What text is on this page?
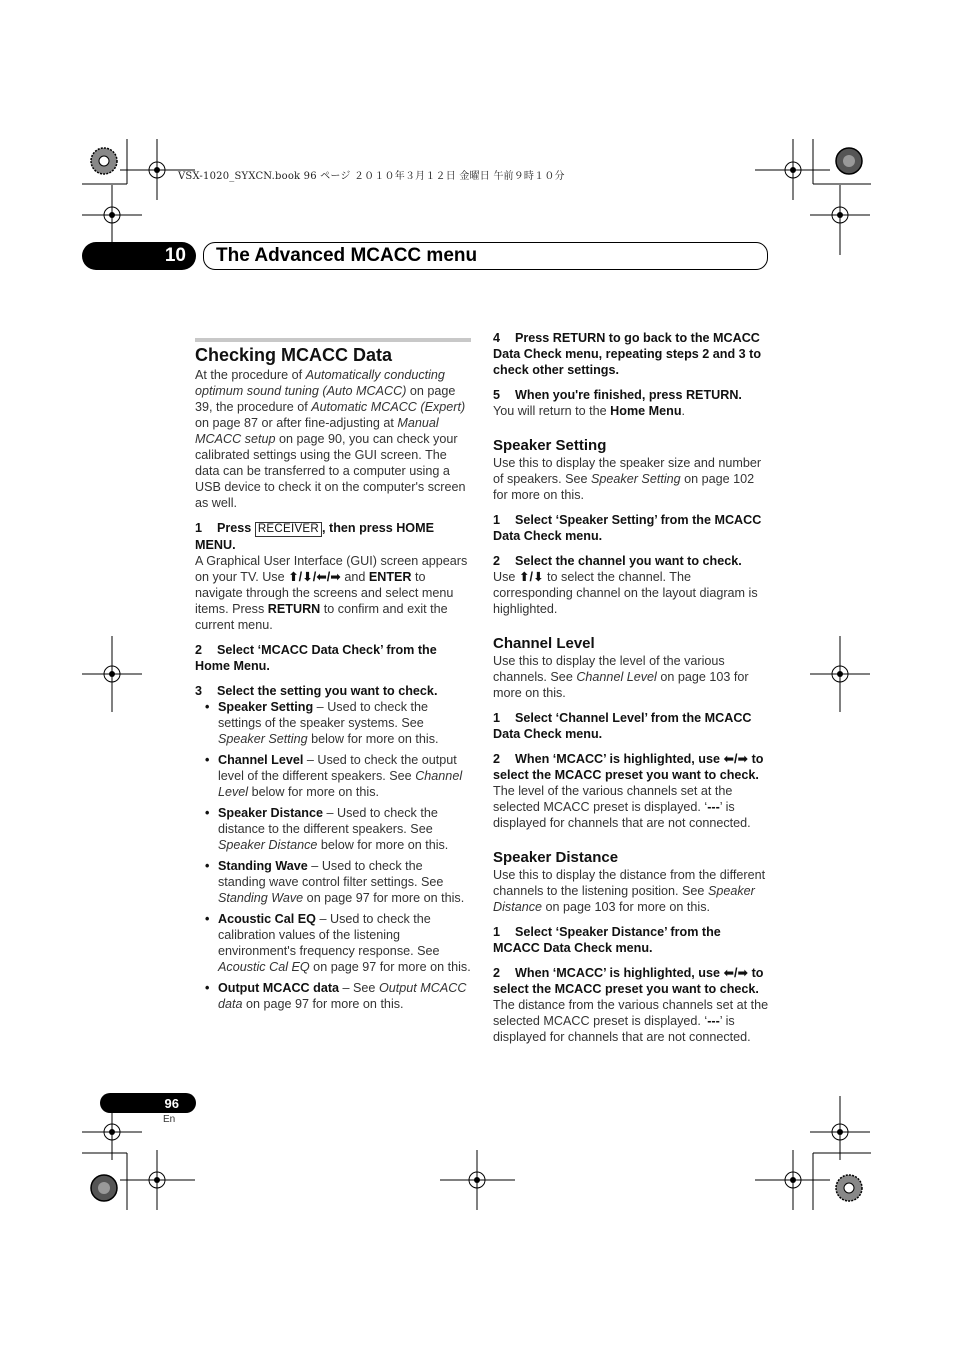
VSX-1020_SYXCN.book 96 ページ ２０１０年３月１２日 金曜日 午前９時１０分
10	The Advanced MCACC menu
Checking MCACC Data

At the procedure of Automatically conducting optimum sound tuning (Auto MCACC) on page 39, the procedure of Automatic MCACC (Expert) on page 87 or after fine-adjusting at Manual MCACC setup on page 90, you can check your calibrated settings using the GUI screen. The data can be transferred to a computer using a USB device to check it on the computer's screen as well.

1 Press RECEIVER , then press HOME MENU.

A Graphical User Interface (GUI) screen appears on your TV. Use ⬆/⬇/⬅/➡ and ENTER to navigate through the screens and select menu items. Press RETURN to confirm and exit the current menu.

2 Select ‘MCACC Data Check’ from the Home Menu.

3 Select the setting you want to check.

• Speaker Setting – Used to check the settings of the speaker systems. See Speaker Setting below for more on this.
• Channel Level – Used to check the output level of the different speakers. See Channel Level below for more on this.
• Speaker Distance – Used to check the distance to the different speakers. See Speaker Distance below for more on this.
• Standing Wave – Used to check the standing wave control filter settings. See Standing Wave on page 97 for more on this.
• Acoustic Cal EQ – Used to check the calibration values of the listening environment's frequency response. See Acoustic Cal EQ on page 97 for more on this.
• Output MCACC data – See Output MCACC data on page 97 for more on this.

4 Press RETURN to go back to the MCACC Data Check menu, repeating steps 2 and 3 to check other settings.

5 When you're finished, press RETURN.

You will return to the Home Menu.

Speaker Setting

Use this to display the speaker size and number of speakers. See Speaker Setting on page 102 for more on this.

1 Select ‘Speaker Setting’ from the MCACC Data Check menu.

2 Select the channel you want to check.

Use ⬆/⬇ to select the channel. The corresponding channel on the layout diagram is highlighted.

Channel Level

Use this to display the level of the various channels. See Channel Level on page 103 for more on this.

1 Select ‘Channel Level’ from the MCACC Data Check menu.

2 When ‘MCACC’ is highlighted, use ⬅/➡ to select the MCACC preset you want to check.

The level of the various channels set at the selected MCACC preset is displayed. ‘---’ is displayed for channels that are not connected.

Speaker Distance

Use this to display the distance from the different channels to the listening position. See Speaker Distance on page 103 for more on this.

1 Select ‘Speaker Distance’ from the MCACC Data Check menu.

2 When ‘MCACC’ is highlighted, use ⬅/➡ to select the MCACC preset you want to check.

The distance from the various channels set at the selected MCACC preset is displayed. ‘---’ is displayed for channels that are not connected.

96
En
